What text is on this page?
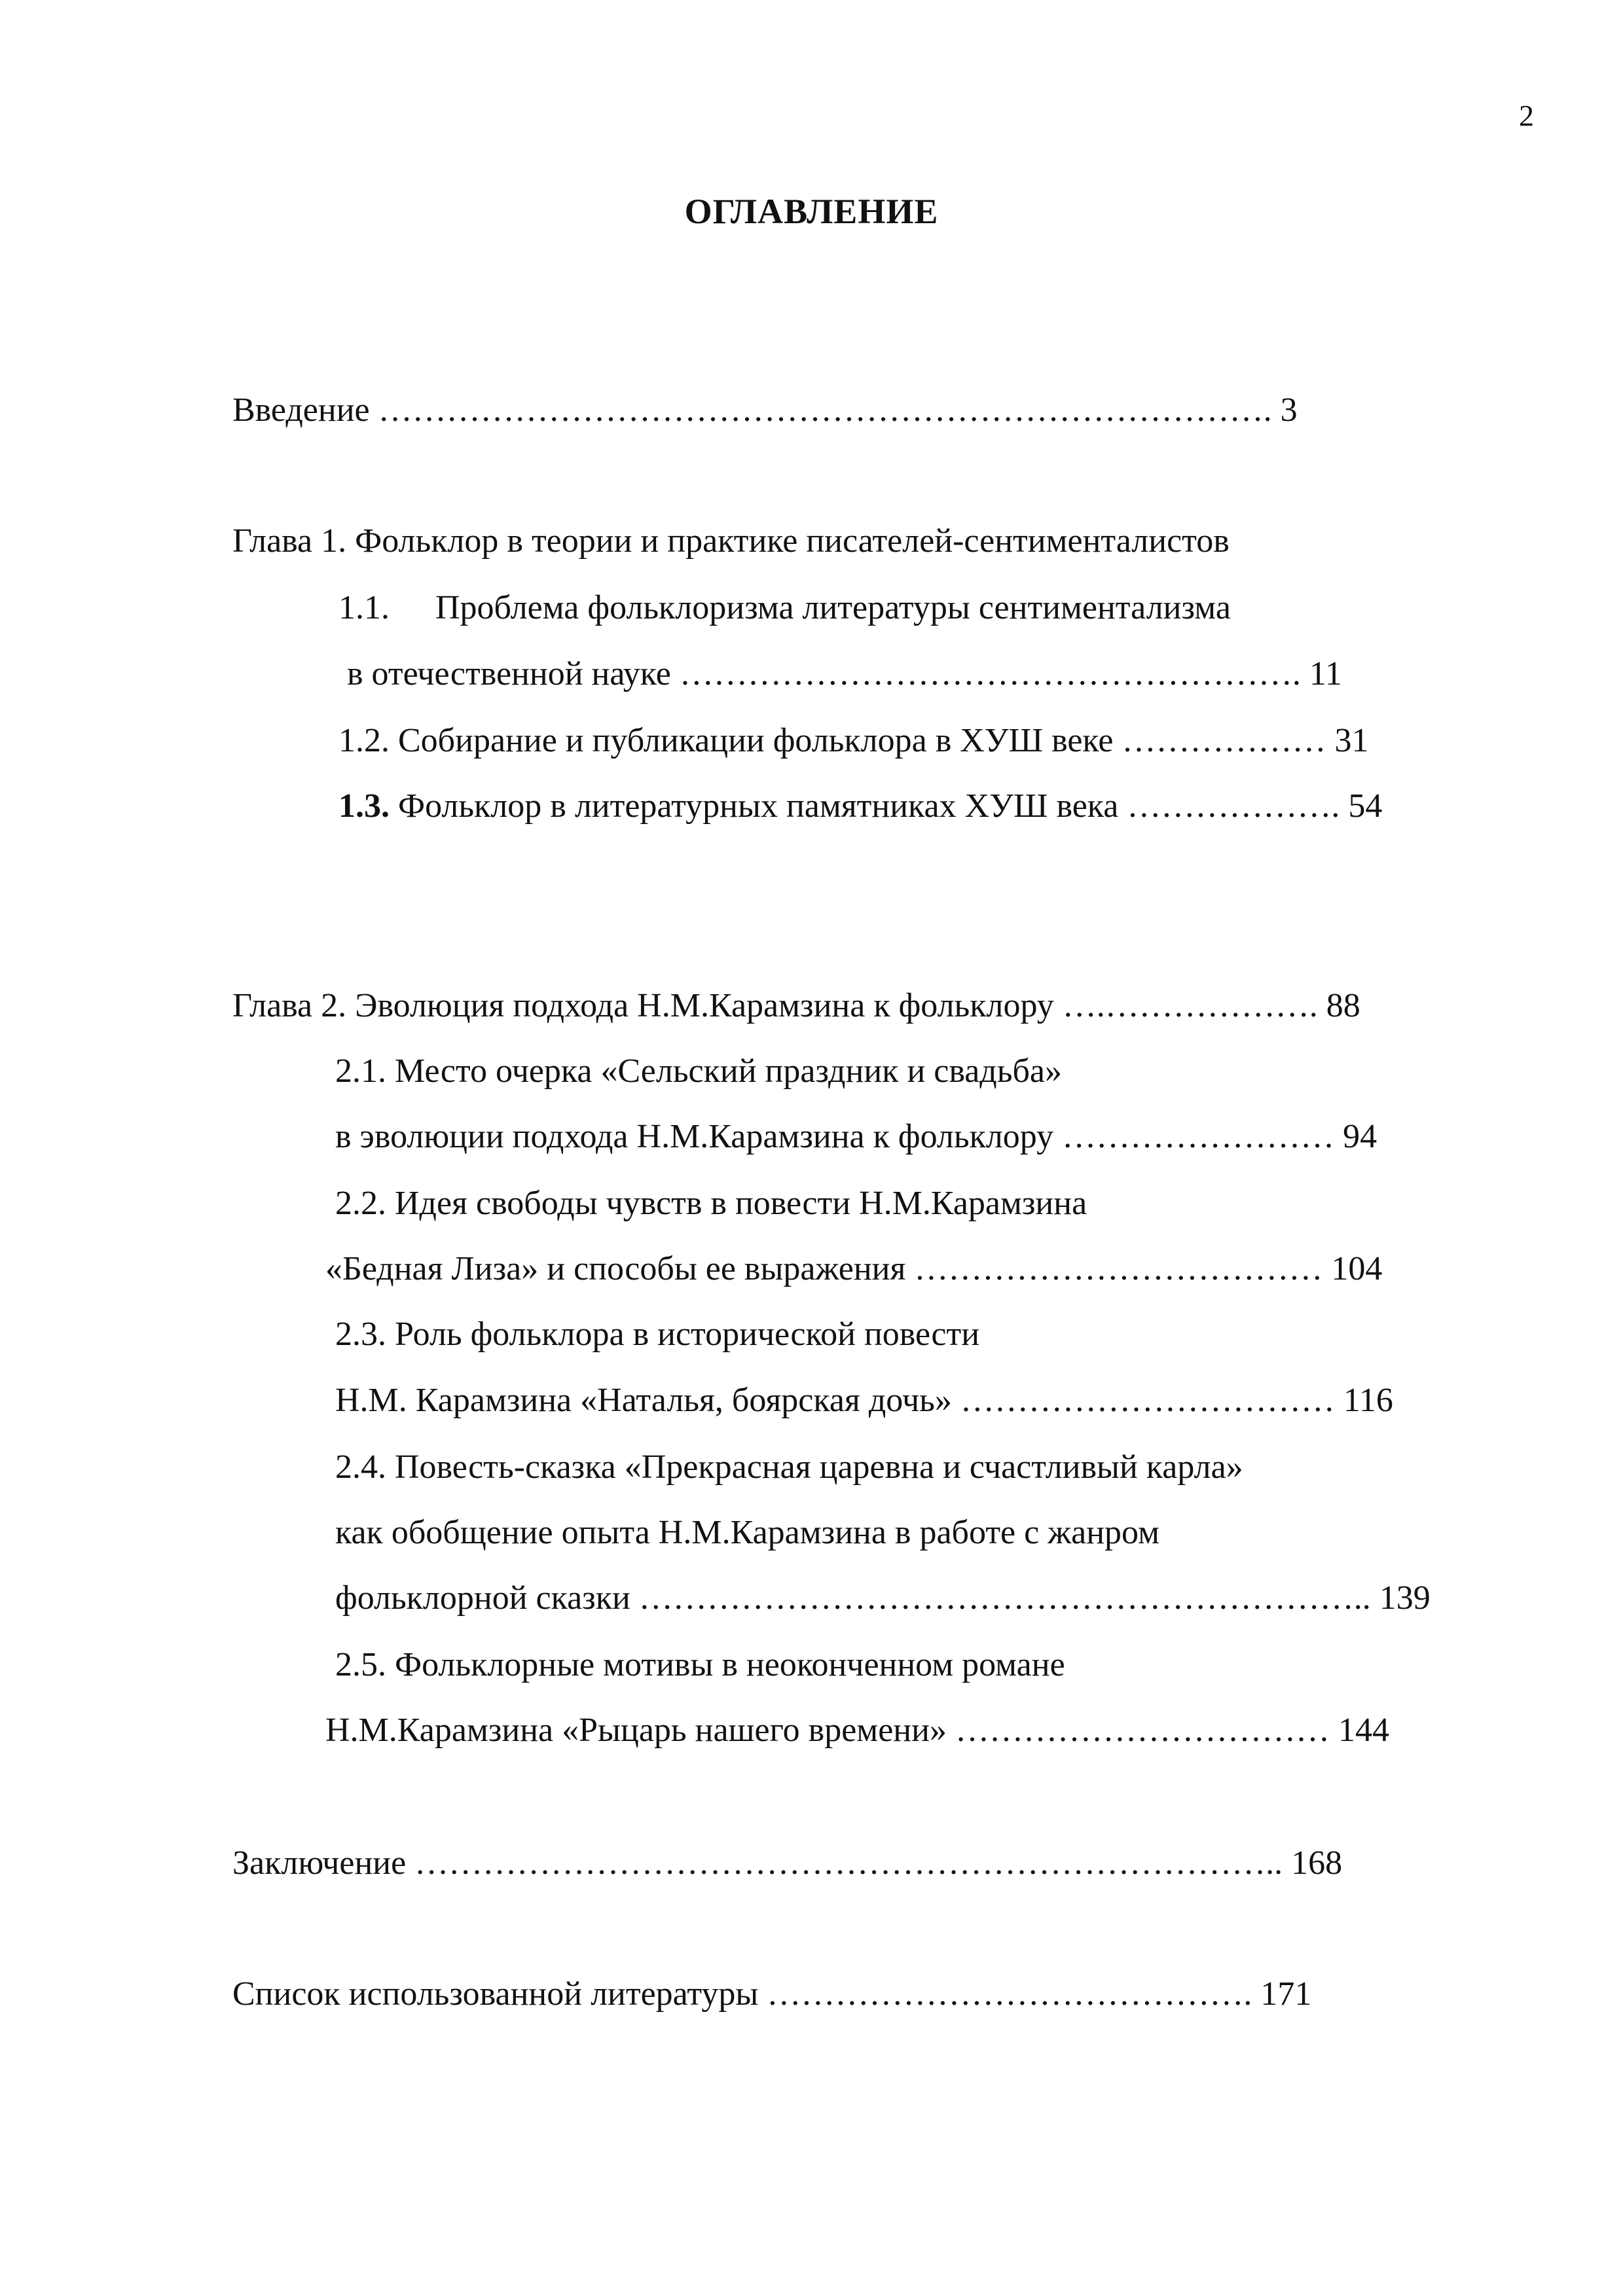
2
ОГЛАВЛЕНИЕ
Введение ……………………………………………………………………. 3
Глава 1. Фольклор в теории и практике писателей-сентименталистов
1.1. Проблема фольклоризма литературы сентиментализма
в отечественной науке ………………………………………………. 11
1.2. Собирание и публикации фольклора в ХУШ веке ……………… 31
1.3. Фольклор в литературных памятниках ХУШ века ………………. 54
Глава 2. Эволюция подхода Н.М.Карамзина к фольклору ….………………. 88
2.1. Место очерка «Сельский праздник и свадьба»
в эволюции подхода Н.М.Карамзина к фольклору …………………… 94
2.2. Идея свободы чувств в повести Н.М.Карамзина
«Бедная Лиза» и способы ее выражения ……………………………… 104
2.3. Роль фольклора в исторической повести
Н.М. Карамзина «Наталья, боярская дочь» …………………………… 116
2.4. Повесть-сказка «Прекрасная царевна и счастливый карла»
как обобщение опыта Н.М.Карамзина в работе с жанром
фольклорной сказки ……………………………………………………….. 139
2.5. Фольклорные мотивы в неоконченном романе
Н.М.Карамзина «Рыцарь нашего времени» …………………………… 144
Заключение ………………………………………………………………….. 168
Список использованной литературы ……………………………………. 171
